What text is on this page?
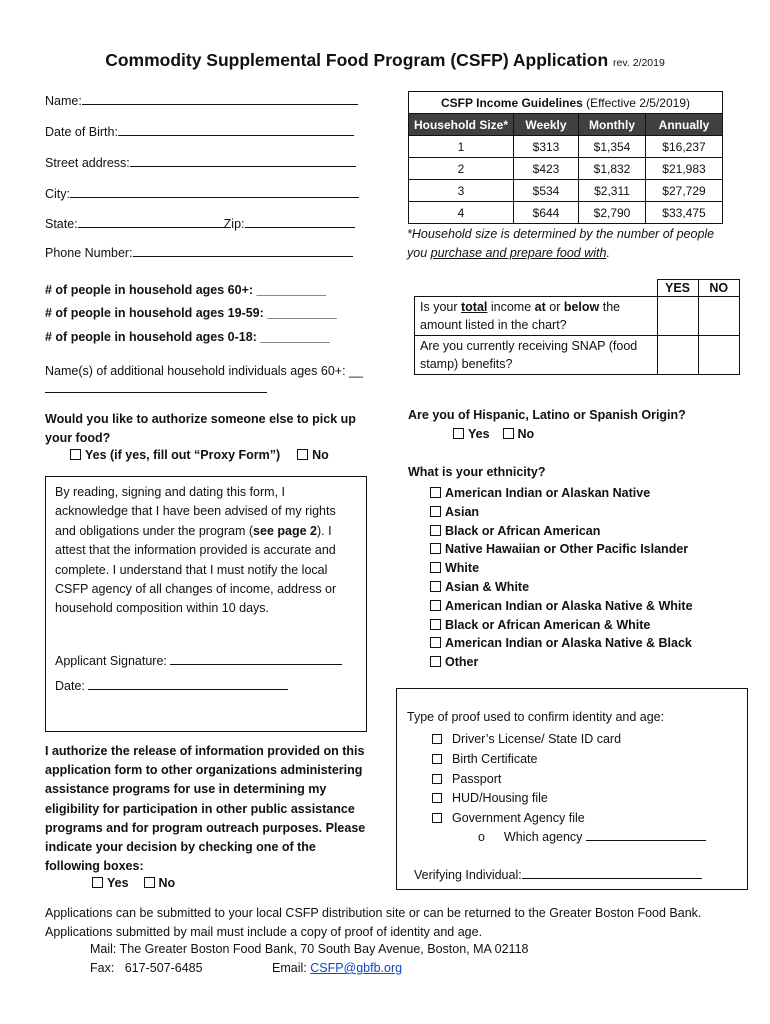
Commodity Supplemental Food Program (CSFP) Application rev. 2/2019
Name:
Date of Birth:
Street address:
City:
State:	Zip:
Phone Number:
# of people in household ages 60+: __________
# of people in household ages 19-59: __________
# of people in household ages 0-18: __________
Name(s) of additional household individuals ages 60+: __
Would you like to authorize someone else to pick up your food?
Yes (if yes, fill out “Proxy Form”)	No
By reading, signing and dating this form, I acknowledge that I have been advised of my rights and obligations under the program (see page 2). I attest that the information provided is accurate and complete. I understand that I must notify the local CSFP agency of all changes of income, address or household composition within 10 days.
Applicant Signature:
Date:
I authorize the release of information provided on this application form to other organizations administering assistance programs for use in determining my eligibility for participation in other public assistance programs and for program outreach purposes. Please indicate your decision by checking one of the following boxes:
Yes No
CSFP Income Guidelines (Effective 2/5/2019)			
Household Size*	Weekly	Monthly	Annually
1	$313	$1,354	$16,237
2	$423	$1,832	$21,983
3	$534	$2,311	$27,729
4	$644	$2,790	$33,475
*Household size is determined by the number of people you purchase and prepare food with.
	YES	NO
Is your total income at or below the amount listed in the chart?		
Are you currently receiving SNAP (food stamp) benefits?		
Are you of Hispanic, Latino or Spanish Origin?
Yes No
What is your ethnicity?
American Indian or Alaskan Native
Asian
Black or African American
Native Hawaiian or Other Pacific Islander
White
Asian & White
American Indian or Alaska Native & White
Black or African American & White
American Indian or Alaska Native & Black
Other
Type of proof used to confirm identity and age:
Driver’s License/ State ID card
Birth Certificate
Passport
HUD/Housing file
Government Agency file
o Which agency
Verifying Individual:
Applications can be submitted to your local CSFP distribution site or can be returned to the Greater Boston Food Bank. Applications submitted by mail must include a copy of proof of identity and age.
Mail: The Greater Boston Food Bank, 70 South Bay Avenue, Boston, MA 02118
Fax:   617-507-6485	Email: CSFP@gbfb.org
